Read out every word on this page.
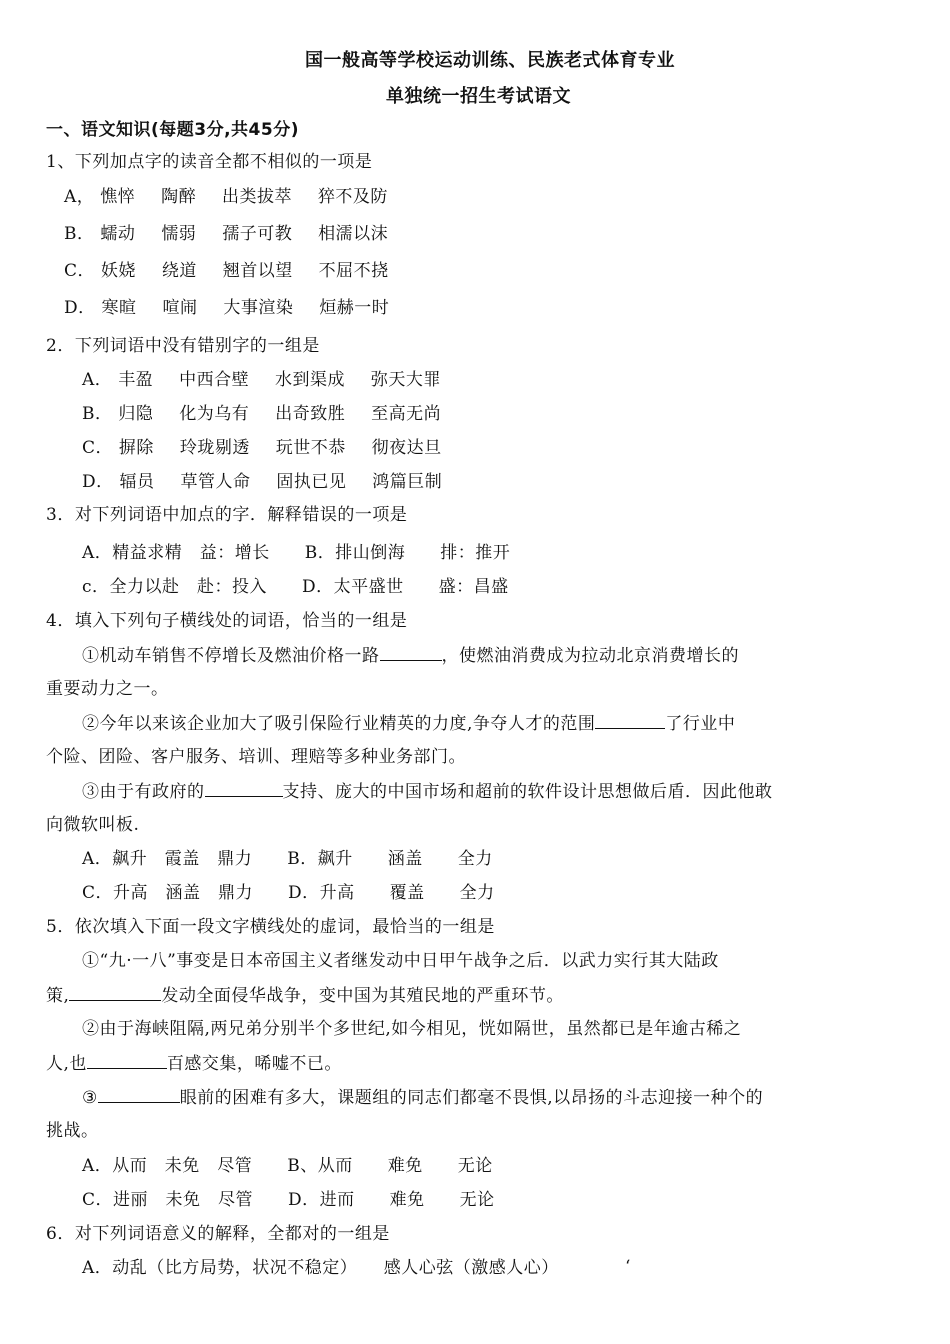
国一般高等学校运动训练、民族老式体育专业
单独统一招生考试语文
一、语文知识(每题3分,共45分)
1、下列加点字的读音全都不相似的一项是
A， 憔悴 陶醉 出类拔萃 猝不及防
B． 蠕动 懦弱 孺子可教 相濡以沫
C． 妖娆 绕道 翘首以望 不屈不挠
D． 寒暄 喧闹 大事渲染 烜赫一时
2．下列词语中没有错别字的一组是
A． 丰盈 中西合壁 水到渠成 弥天大罪
B． 归隐 化为乌有 出奇致胜 至高无尚
C． 摒除 玲珑剔透 玩世不恭 彻夜达旦
D． 辐员 草管人命 固执已见 鸿篇巨制
3．对下列词语中加点的字．解释错误的一项是
A．精益求精　益：增长　　B．排山倒海　　排：推开
c．全力以赴　赴：投入　　D．太平盛世　　盛：昌盛
4．填入下列句子横线处的词语，恰当的一组是
①机动车销售不停增长及燃油价格一路	，使燃油消费成为拉动北京消费增长的
重要动力之一。
②今年以来该企业加大了吸引保险行业精英的力度,争夺人才的范围	了行业中
个险、团险、客户服务、培训、理赔等多种业务部门。
③由于有政府的	支持、庞大的中国市场和超前的软件设计思想做后盾．因此他敢
向微软叫板.
A．飙升　霞盖　鼎力　　B．飙升　　涵盖　　全力
C．升高　涵盖　鼎力　　D．升高　　覆盖　　全力
5．依次填入下面一段文字横线处的虚词，最恰当的一组是
①“九·一八”事变是日本帝国主义者继发动中日甲午战争之后．以武力实行其大陆政
策,	发动全面侵华战争，变中国为其殖民地的严重环节。
②由于海峡阻隔,两兄弟分别半个多世纪,如今相见，恍如隔世，虽然都已是年逾古稀之
人,也	百感交集，唏嘘不已。
③	眼前的困难有多大，课题组的同志们都毫不畏惧,以昂扬的斗志迎接一种个的
挑战。
A．从而　未免　尽管　　B、从而　　难免　　无论
C．进丽　未免　尽管　　D．进而　　难免　　无论
6．对下列词语意义的解释，全都对的一组是
A．动乱（比方局势，状况不稳定）　　感人心弦（激感人心）	‘
